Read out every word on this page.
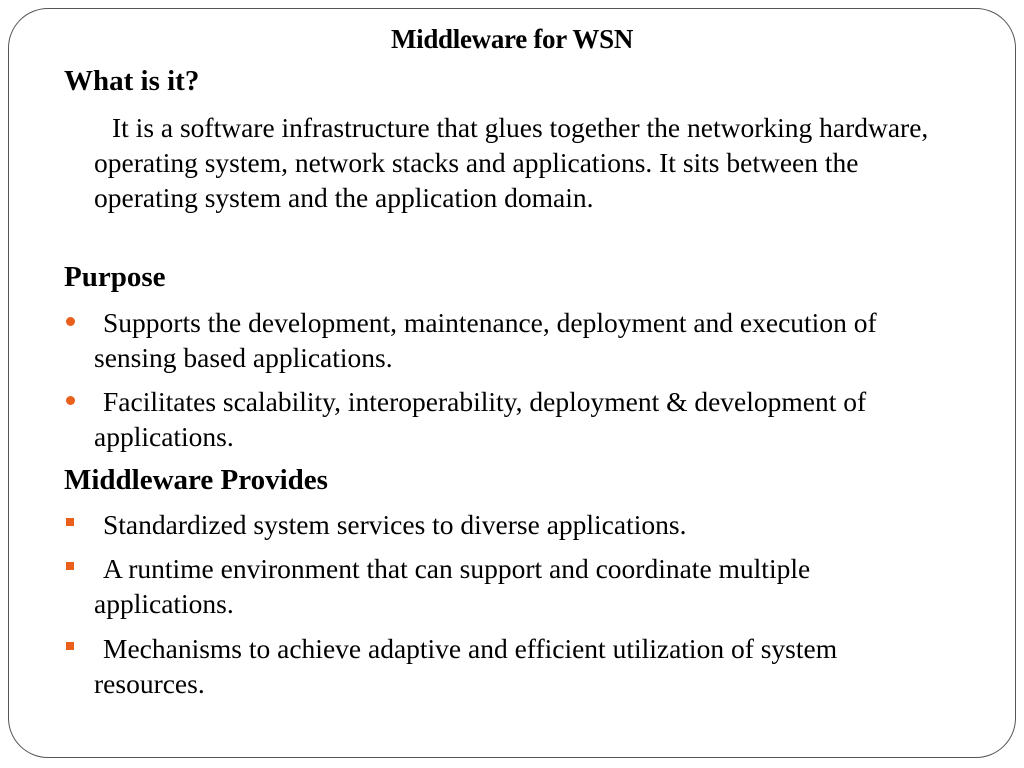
Middleware for WSN
What is it?
It is a software infrastructure that glues together the networking hardware, operating system, network stacks and applications. It sits between the operating system and the application domain.
Purpose
Supports the development, maintenance, deployment and execution of sensing based applications.
Facilitates scalability, interoperability, deployment & development of applications.
Middleware Provides
Standardized system services to diverse applications.
A runtime environment that can support and coordinate multiple applications.
Mechanisms to achieve adaptive and efficient utilization of system resources.
